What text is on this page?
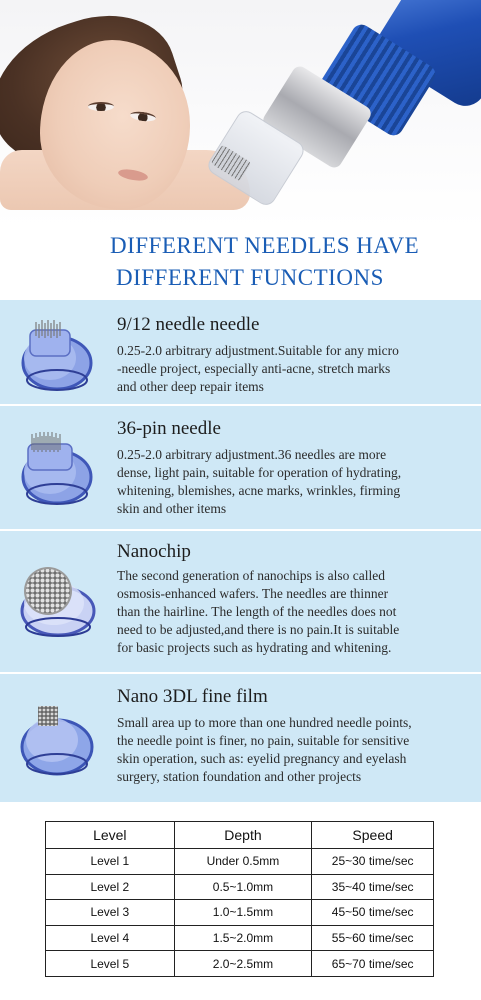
DIFFERENT NEEDLES HAVE
DIFFERENT FUNCTIONS
9/12 needle needle
0.25-2.0 arbitrary adjustment.Suitable for any micro
-needle project, especially anti-acne, stretch marks
and other deep repair items
36-pin needle
0.25-2.0 arbitrary adjustment.36 needles are more
dense, light pain, suitable for operation of hydrating,
whitening, blemishes, acne marks, wrinkles, firming
skin and other items
Nanochip
The second generation of nanochips is also called
osmosis-enhanced wafers. The needles are thinner
than the hairline. The length of the needles does not
need to be adjusted,and there is no pain.It is suitable
for basic projects such as hydrating and whitening.
Nano 3DL fine film
Small area up to more than one hundred needle points,
the needle point is finer, no pain, suitable for sensitive
skin operation, such as: eyelid pregnancy and eyelash
surgery, station foundation and other projects
Level	Depth	Speed
Level 1	Under 0.5mm	25~30 time/sec
Level 2	0.5~1.0mm	35~40 time/sec
Level 3	1.0~1.5mm	45~50 time/sec
Level 4	1.5~2.0mm	55~60 time/sec
Level 5	2.0~2.5mm	65~70 time/sec
